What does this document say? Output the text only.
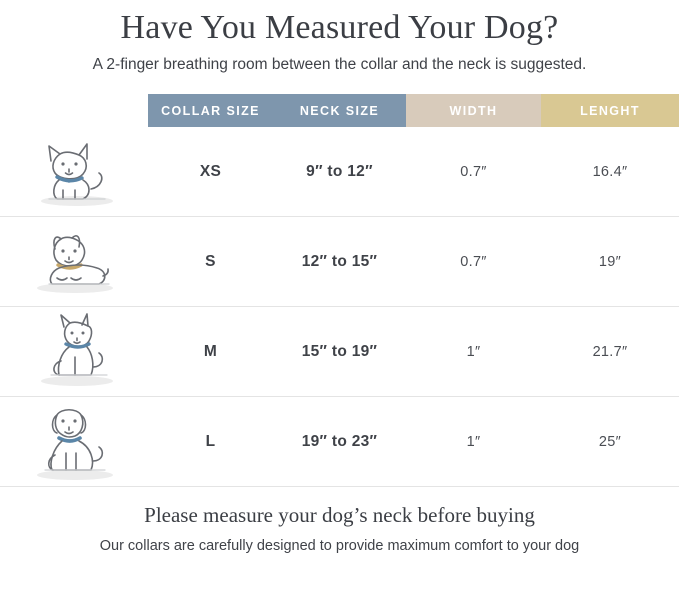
Have You Measured Your Dog?

A 2-finger breathing room between the collar and the neck is suggested.

	COLLAR SIZE	NECK SIZE	WIDTH	LENGHT

	XS	9″ to 12″	0.7″	16.4″

	S	12″ to 15″	0.7″	19″

	M	15″ to 19″	1″	21.7″

	L	19″ to 23″	1″	25″
Please measure your dog’s neck before buying
Our collars are carefully designed to provide maximum comfort to your dog
